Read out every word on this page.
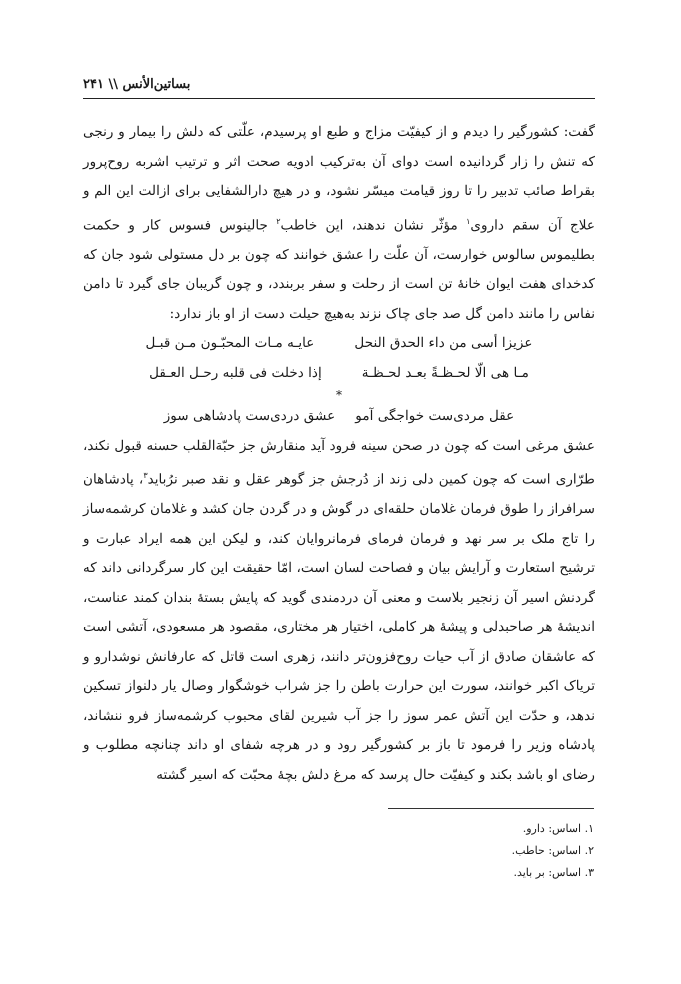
بساتین‌الأنس \\ ۲۴۱

گفت: کشورگیر را دیدم و از کیفیّت مزاج و طبع او پرسیدم، علّتی که دلش را بیمار و رنجی که تنش را زار گردانیده است دوای آن به‌ترکیب ادویه صحت اثر و ترتیب اشربه روح‌پرور بقراط صائب تدبیر را تا روز قیامت میسّر نشود، و در هیچ دارالشفایی برای ازالت این الم و علاج آن سقم داروی$^۱$ مؤثّر نشان ندهند، این خاطب$^۲$ جالینوس فسوس کار و حکمت بطلیموس سالوس خوارست، آن علّت را عشق خوانند که چون بر دل مستولی شود جان که کدخدای هفت ایوان خانهٔ تن است از رحلت و سفر بربندد، و چون گریبان جای گیرد تا دامن نفاس را مانند دامن گل صد جای چاک نزند به‌هیچ حیلت دست از او باز ندارد:

عزیزا أسی من داء الحدق النحل
عایـه مـات المحبّـون مـن قبـل
مـا هی الّا لحـظـةً بعـد لحـظـة
إذا دخلت فی قلبه رحـل العـقل
*
عقل مردی‌ست خواجگی آمو
عشق دردی‌ست پادشاهی سوز

عشق مرغی است که چون در صحن سینه فرود آید منقارش جز حبّةالقلب حسنه قبول نکند، طرّاری است که چون کمین دلی زند از دُرجش جز گوهر عقل و نقد صبر نرُباید$^۳$، پادشاهان سرافراز را طوق فرمان غلامان حلقه‌ای در گوش و در گردن جان کشد و غلامان کرشمه‌ساز را تاج ملک بر سر نهد و فرمان فرمای فرمانروایان کند، و لیکن این همه ایراد عبارت و ترشیح استعارت و آرایش بیان و فصاحت لسان است، امّا حقیقت این کار سرگردانی داند که گردنش اسیر آن زنجیر بلاست و معنی آن دردمندی گوید که پایش بستهٔ بندان کمند عناست، اندیشهٔ هر صاحبدلی و پیشهٔ هر کاملی، اختیار هر مختاری، مقصود هر مسعودی، آتشی است که عاشقان صادق از آب حیات روح‌فزون‌تر دانند، زهری است قاتل که عارفانش نوشدارو و تریاک اکبر خوانند، سورت این حرارت باطن را جز شراب خوشگوار وصال یار دلنواز تسکین ندهد، و حدّت این آتش عمر سوز را جز آب شیرین لقای محبوب کرشمه‌ساز فرو ننشاند، پادشاه وزیر را فرمود تا باز بر کشورگیر رود و در هرچه شفای او داند چنانچه مطلوب و رضای او باشد بکند و کیفیّت حال پرسد که مرغ دلش بچهٔ محبّت که اسیر گشته

۱. اساس: دارو.
۲. اساس: حاطب.
۳. اساس: بر باید.
